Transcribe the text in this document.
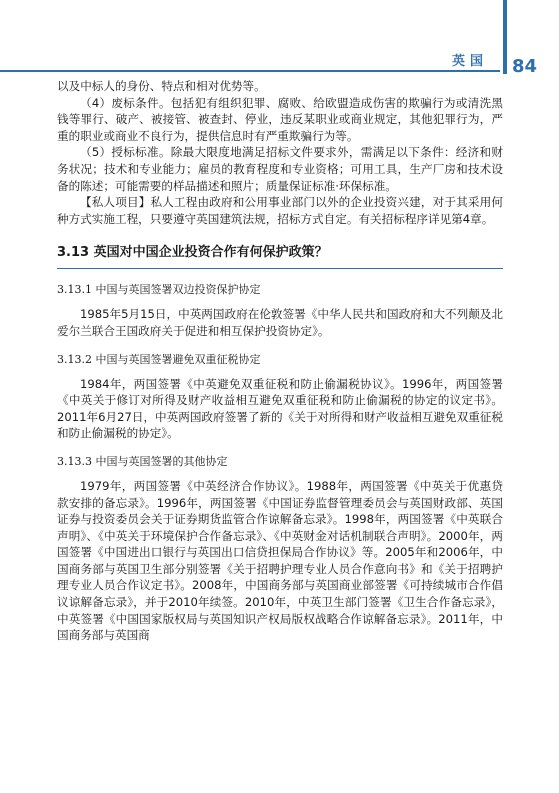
英国 84

以及中标人的身份、特点和相对优势等。

（4）废标条件。包括犯有组织犯罪、腐败、给欧盟造成伤害的欺骗行为或清洗黑钱等罪行、破产、被接管、被查封、停业，违反某职业或商业规定，其他犯罪行为，严重的职业或商业不良行为，提供信息时有严重欺骗行为等。

（5）授标标准。除最大限度地满足招标文件要求外，需满足以下条件：经济和财务状况；技术和专业能力；雇员的教育程度和专业资格；可用工具，生产厂房和技术设备的陈述；可能需要的样品描述和照片；质量保证标准·环保标准。

【私人项目】私人工程由政府和公用事业部门以外的企业投资兴建，对于其采用何种方式实施工程，只要遵守英国建筑法规，招标方式自定。有关招标程序详见第4章。

3.13 英国对中国企业投资合作有何保护政策？
3.13.1 中国与英国签署双边投资保护协定

1985年5月15日，中英两国政府在伦敦签署《中华人民共和国政府和大不列颠及北爱尔兰联合王国政府关于促进和相互保护投资协定》。

3.13.2 中国与英国签署避免双重征税协定

1984年，两国签署《中英避免双重征税和防止偷漏税协议》。1996年，两国签署《中英关于修订对所得及财产收益相互避免双重征税和防止偷漏税的协定的议定书》。2011年6月27日，中英两国政府签署了新的《关于对所得和财产收益相互避免双重征税和防止偷漏税的协定》。

3.13.3 中国与英国签署的其他协定

1979年，两国签署《中英经济合作协议》。1988年，两国签署《中英关于优惠贷款安排的备忘录》。1996年，两国签署《中国证券监督管理委员会与英国财政部、英国证券与投资委员会关于证券期货监管合作谅解备忘录》。1998年，两国签署《中英联合声明》、《中英关于环境保护合作备忘录》、《中英财金对话机制联合声明》。2000年，两国签署《中国进出口银行与英国出口信贷担保局合作协议》等。2005年和2006年，中国商务部与英国卫生部分别签署《关于招聘护理专业人员合作意向书》和《关于招聘护理专业人员合作议定书》。2008年，中国商务部与英国商业部签署《可持续城市合作倡议谅解备忘录》，并于2010年续签。2010年，中英卫生部门签署《卫生合作备忘录》，中英签署《中国国家版权局与英国知识产权局版权战略合作谅解备忘录》。2011年，中国商务部与英国商
